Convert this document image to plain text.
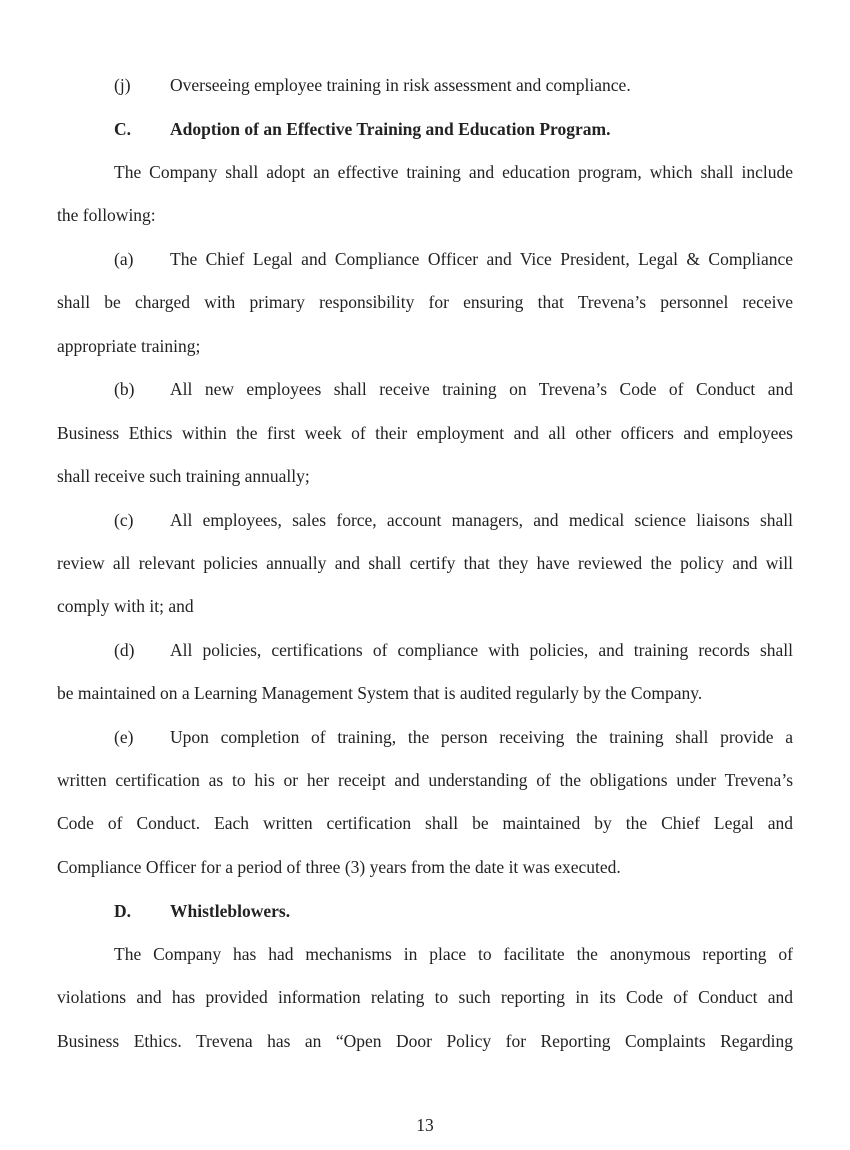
(j) Overseeing employee training in risk assessment and compliance.
C. Adoption of an Effective Training and Education Program.
The Company shall adopt an effective training and education program, which shall include
the following:
(a) The Chief Legal and Compliance Officer and Vice President, Legal & Compliance
shall be charged with primary responsibility for ensuring that Trevena’s personnel receive
appropriate training;
(b) All new employees shall receive training on Trevena’s Code of Conduct and
Business Ethics within the first week of their employment and all other officers and employees
shall receive such training annually;
(c) All employees, sales force, account managers, and medical science liaisons shall
review all relevant policies annually and shall certify that they have reviewed the policy and will
comply with it; and
(d) All policies, certifications of compliance with policies, and training records shall
be maintained on a Learning Management System that is audited regularly by the Company.
(e) Upon completion of training, the person receiving the training shall provide a
written certification as to his or her receipt and understanding of the obligations under Trevena’s
Code of Conduct. Each written certification shall be maintained by the Chief Legal and
Compliance Officer for a period of three (3) years from the date it was executed.
D. Whistleblowers.
The Company has had mechanisms in place to facilitate the anonymous reporting of
violations and has provided information relating to such reporting in its Code of Conduct and
Business Ethics. Trevena has an “Open Door Policy for Reporting Complaints Regarding
13
